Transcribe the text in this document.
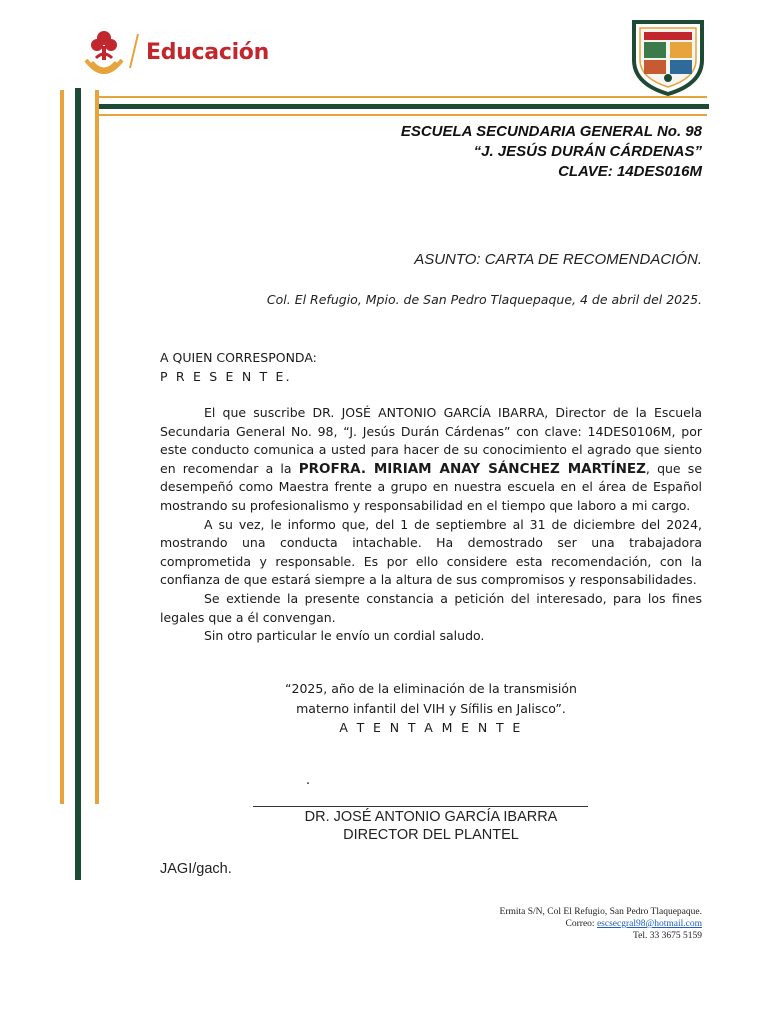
Educación
ESCUELA SECUNDARIA GENERAL No. 98
“J. JESÚS DURÁN CÁRDENAS”
CLAVE: 14DES016M
ASUNTO: CARTA DE RECOMENDACIÓN.
Col. El Refugio, Mpio. de San Pedro Tlaquepaque, 4 de abril del 2025.
A QUIEN CORRESPONDA:
P R E S E N T E.

El que suscribe DR. JOSÉ ANTONIO GARCÍA IBARRA, Director de la Escuela Secundaria General No. 98, “J. Jesús Durán Cárdenas” con clave: 14DES0106M, por este conducto comunica a usted para hacer de su conocimiento el agrado que siento en recomendar a la PROFRA. MIRIAM ANAY SÁNCHEZ MARTÍNEZ, que se desempeñó como Maestra frente a grupo en nuestra escuela en el área de Español mostrando su profesionalismo y responsabilidad en el tiempo que laboro a mi cargo.

A su vez, le informo que, del 1 de septiembre al 31 de diciembre del 2024, mostrando una conducta intachable. Ha demostrado ser una trabajadora comprometida y responsable. Es por ello considere esta recomendación, con la confianza de que estará siempre a la altura de sus compromisos y responsabilidades.

Se extiende la presente constancia a petición del interesado, para los fines legales que a él convengan.

Sin otro particular le envío un cordial saludo.

“2025, año de la eliminación de la transmisión
materno infantil del VIH y Sífilis en Jalisco”.
A T E N T A M E N T E
.
DR. JOSÉ ANTONIO GARCÍA IBARRA
DIRECTOR DEL PLANTEL
JAGI/gach.
Ermita S/N, Col El Refugio, San Pedro Tlaquepaque.
Correo: escsecgral98@hotmail.com
Tel. 33 3675 5159
